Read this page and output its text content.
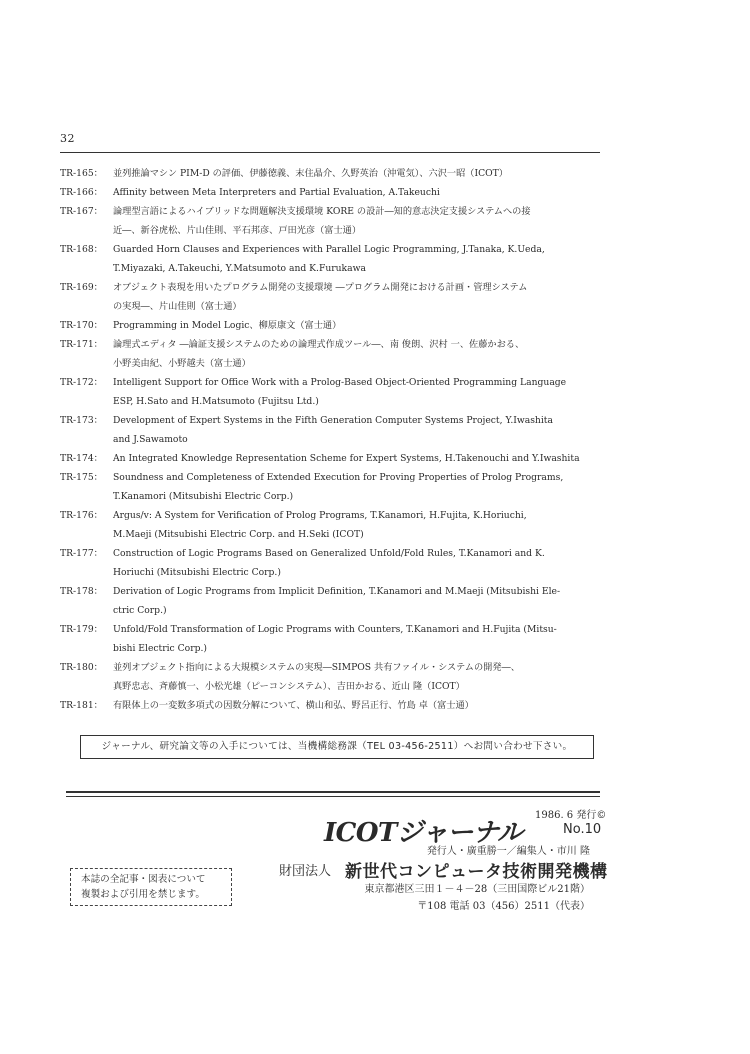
32
TR-165：	並列推論マシン PIM-D の評価、伊藤徳義、末住晶介、久野英治（沖電気）、六沢一昭（ICOT）
TR-166：	Affinity between Meta Interpreters and Partial Evaluation, A.Takeuchi
TR-167：	論理型言語によるハイブリッドな問題解決支援環境 KORE の設計―知的意志決定支援システムへの接
近―、新谷虎松、片山佳則、平石邦彦、戸田光彦（富士通）
TR-168：	Guarded Horn Clauses and Experiences with Parallel Logic Programming, J.Tanaka, K.Ueda,
T.Miyazaki, A.Takeuchi, Y.Matsumoto and K.Furukawa
TR-169：	オブジェクト表現を用いたプログラム開発の支援環境 ―プログラム開発における計画・管理システム
の実現―、片山佳則（富士通）
TR-170：	Programming in Model Logic、柳原康文（富士通）
TR-171：	論理式エディタ ―論証支援システムのための論理式作成ツール―、南 俊朗、沢村 一、佐藤かおる、
小野美由紀、小野越夫（富士通）
TR-172：	Intelligent Support for Office Work with a Prolog-Based Object-Oriented Programming Language
ESP, H.Sato and H.Matsumoto (Fujitsu Ltd.)
TR-173：	Development of Expert Systems in the Fifth Generation Computer Systems Project, Y.Iwashita
and J.Sawamoto
TR-174：	An Integrated Knowledge Representation Scheme for Expert Systems, H.Takenouchi and Y.Iwashita
TR-175：	Soundness and Completeness of Extended Execution for Proving Properties of Prolog Programs,
T.Kanamori (Mitsubishi Electric Corp.)
TR-176：	Argus/v: A System for Verification of Prolog Programs, T.Kanamori, H.Fujita, K.Horiuchi,
M.Maeji (Mitsubishi Electric Corp. and H.Seki (ICOT)
TR-177：	Construction of Logic Programs Based on Generalized Unfold/Fold Rules, T.Kanamori and K.
Horiuchi (Mitsubishi Electric Corp.)
TR-178：	Derivation of Logic Programs from Implicit Definition, T.Kanamori and M.Maeji (Mitsubishi Ele-
ctric Corp.)
TR-179：	Unfold/Fold Transformation of Logic Programs with Counters, T.Kanamori and H.Fujita (Mitsu-
bishi Electric Corp.)
TR-180：	並列オブジェクト指向による大規模システムの実現―SIMPOS 共有ファイル・システムの開発―、
真野忠志、斉藤慎一、小松光雄（ピーコンシステム）、吉田かおる、近山 隆（ICOT）
TR-181：	有限体上の一変数多項式の因数分解について、横山和弘、野呂正行、竹島 卓（富士通）
ジャーナル、研究論文等の入手については、当機構総務課（TEL 03-456-2511）へお問い合わせ下さい。
1986. 6 発行©
ICOTジャーナル	No.10
発行人・廣重勝一／編集人・市川 隆
財団法人 新世代コンピュータ技術開発機構
東京都港区三田１－４－28（三田国際ビル21階）
〒108 電話 03（456）2511（代表）
本誌の全記事・図表について
複製および引用を禁じます。
